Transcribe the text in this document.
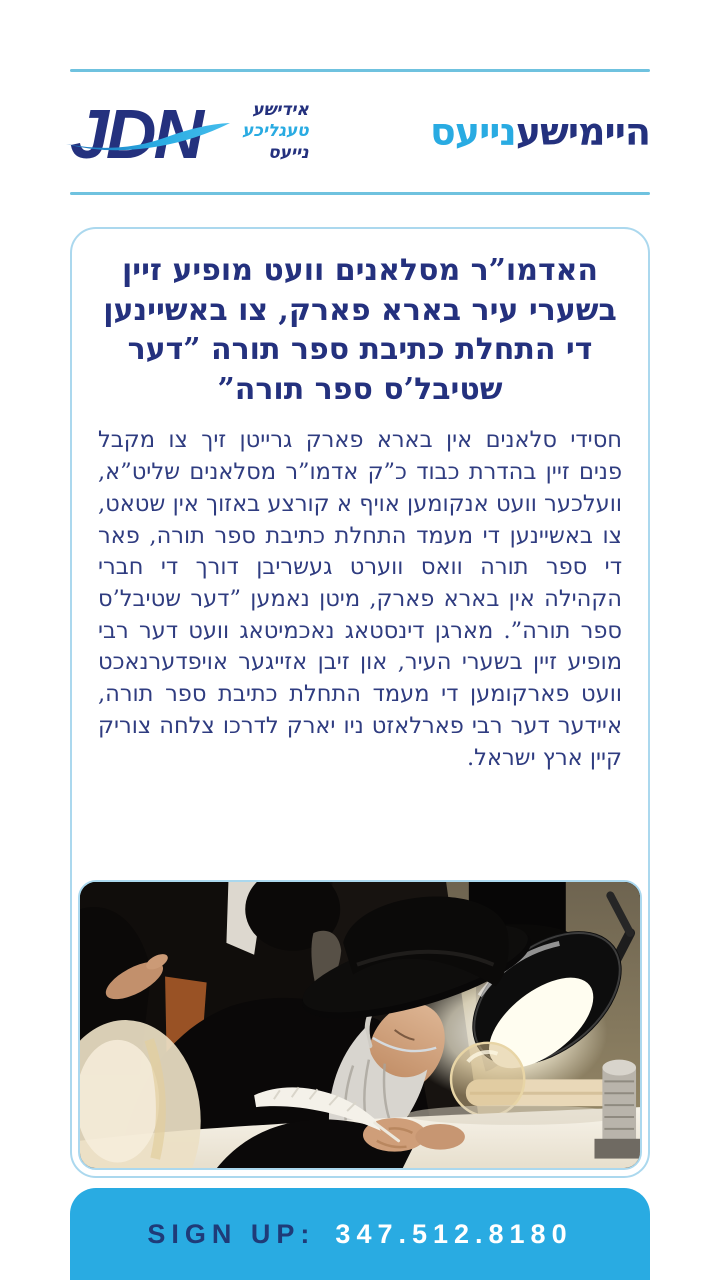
JDN	אידישע
טעגליכע
נייעס	היימישענייעס
האדמו”ר מסלאנים וועט מופיע זיין בשערי עיר בארא פארק, צו באשיינען די התחלת כתיבת ספר תורה ”דער שטיבל’ס ספר תורה”

חסידי סלאנים אין בארא פארק גרייטן זיך צו מקבל פנים זיין בהדרת כבוד כ”ק אדמו”ר מסלאנים שליט”א, וועלכער וועט אנקומען אויף א קורצע באזוך אין שטאט, צו באשיינען די מעמד התחלת כתיבת ספר תורה, פאר די ספר תורה וואס ווערט געשריבן דורך די חברי הקהילה אין בארא פארק, מיטן נאמען ”דער שטיבל’ס ספר תורה”. מארגן דינסטאג נאכמיטאג וועט דער רבי מופיע זיין בשערי העיר, און זיבן אזייגער אויפדערנאכט וועט פארקומען די מעמד התחלת כתיבת ספר תורה, איידער דער רבי פארלאזט ניו יארק לדרכו צלחה צוריק קיין ארץ ישראל.

SIGN UP: 347.512.8180
